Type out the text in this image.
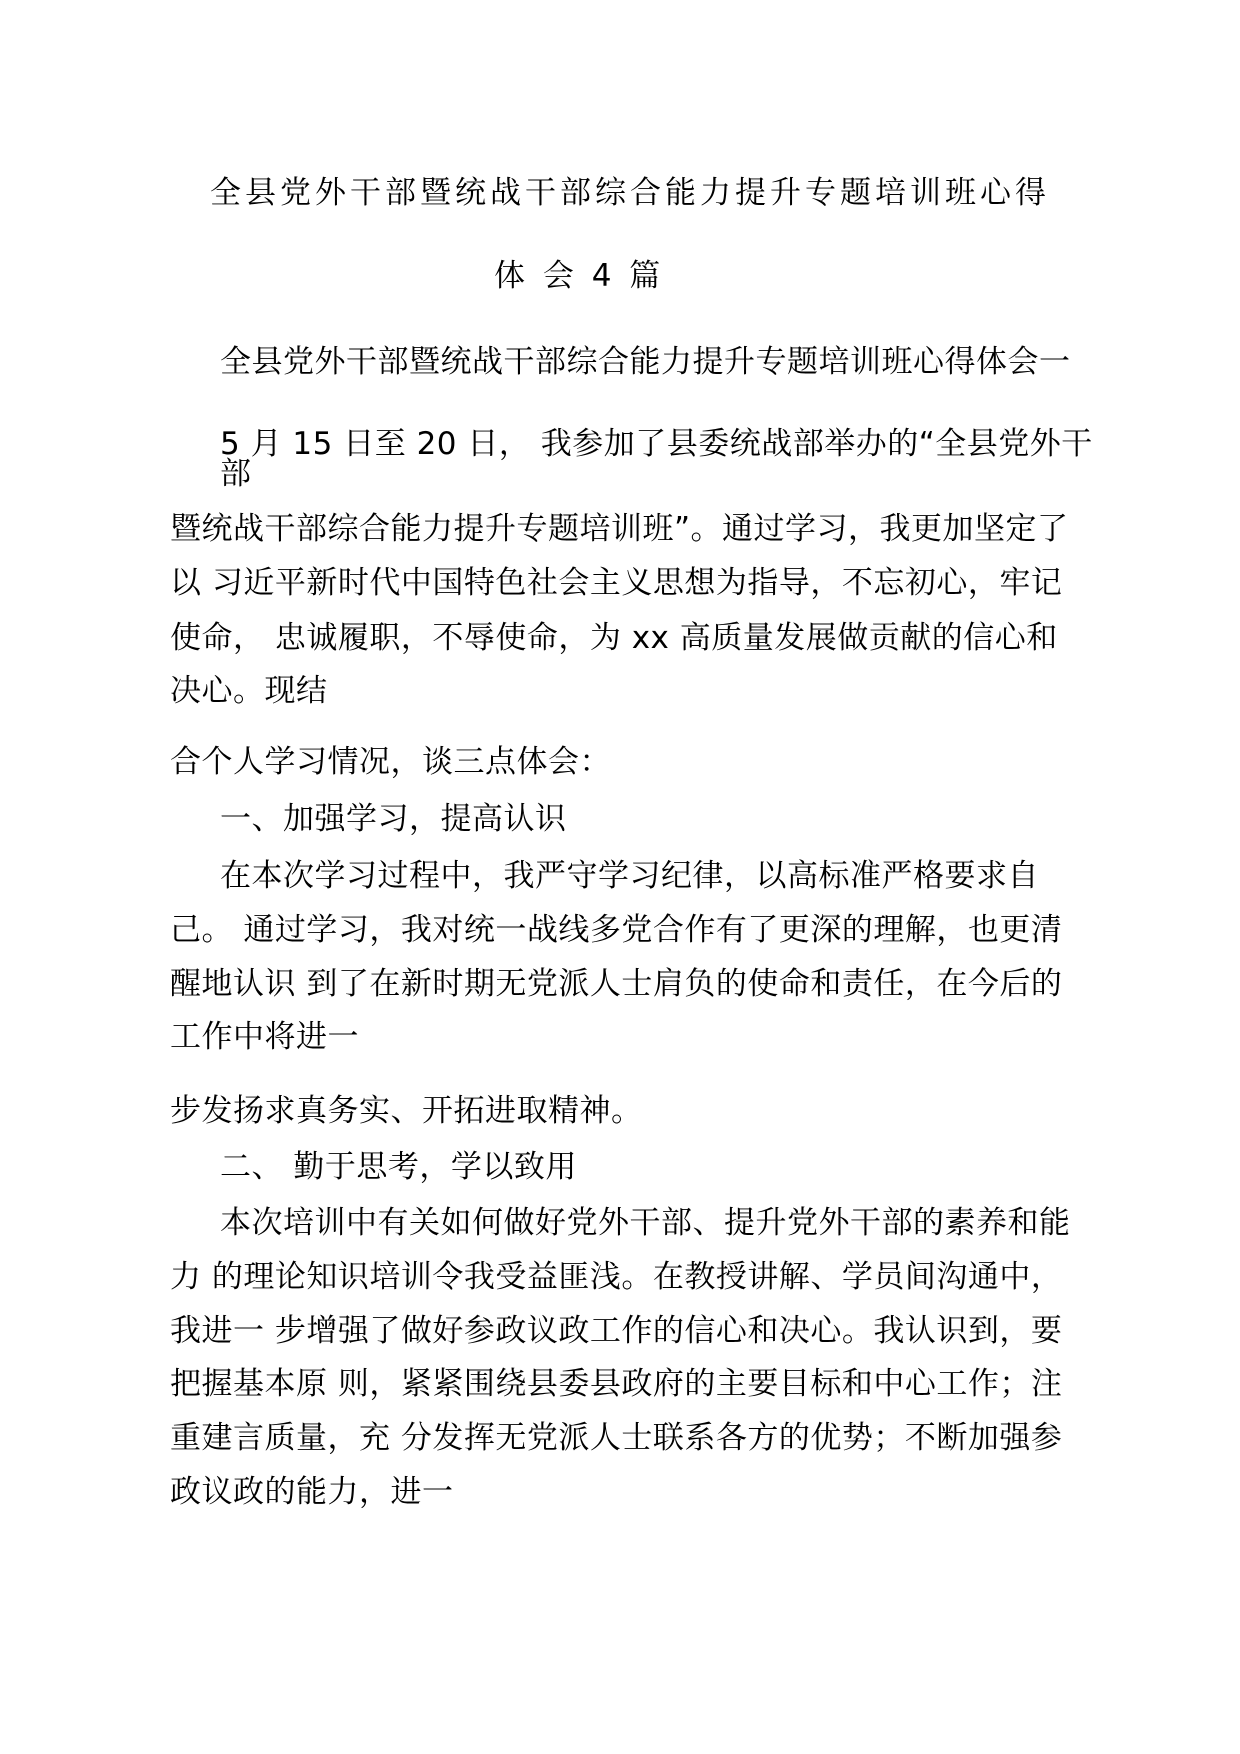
全县党外干部暨统战干部综合能力提升专题培训班心得
体 会 4 篇
全县党外干部暨统战干部综合能力提升专题培训班心得体会一
5 月 15 日至 20 日， 我参加了县委统战部举办的“全县党外干
部
暨统战干部综合能力提升专题培训班”。通过学习，我更加坚定了
以 习近平新时代中国特色社会主义思想为指导，不忘初心，牢记
使命， 忠诚履职，不辱使命，为 xx 高质量发展做贡献的信心和
决心。现结
合个人学习情况，谈三点体会：
一、加强学习，提高认识
在本次学习过程中，我严守学习纪律，以高标准严格要求自
己。 通过学习，我对统一战线多党合作有了更深的理解，也更清
醒地认识 到了在新时期无党派人士肩负的使命和责任，在今后的
工作中将进一
步发扬求真务实、开拓进取精神。
二、 勤于思考，学以致用
本次培训中有关如何做好党外干部、提升党外干部的素养和能
力 的理论知识培训令我受益匪浅。在教授讲解、学员间沟通中，
我进一 步增强了做好参政议政工作的信心和决心。我认识到，要
把握基本原 则，紧紧围绕县委县政府的主要目标和中心工作；注
重建言质量，充 分发挥无党派人士联系各方的优势；不断加强参
政议政的能力，进一
